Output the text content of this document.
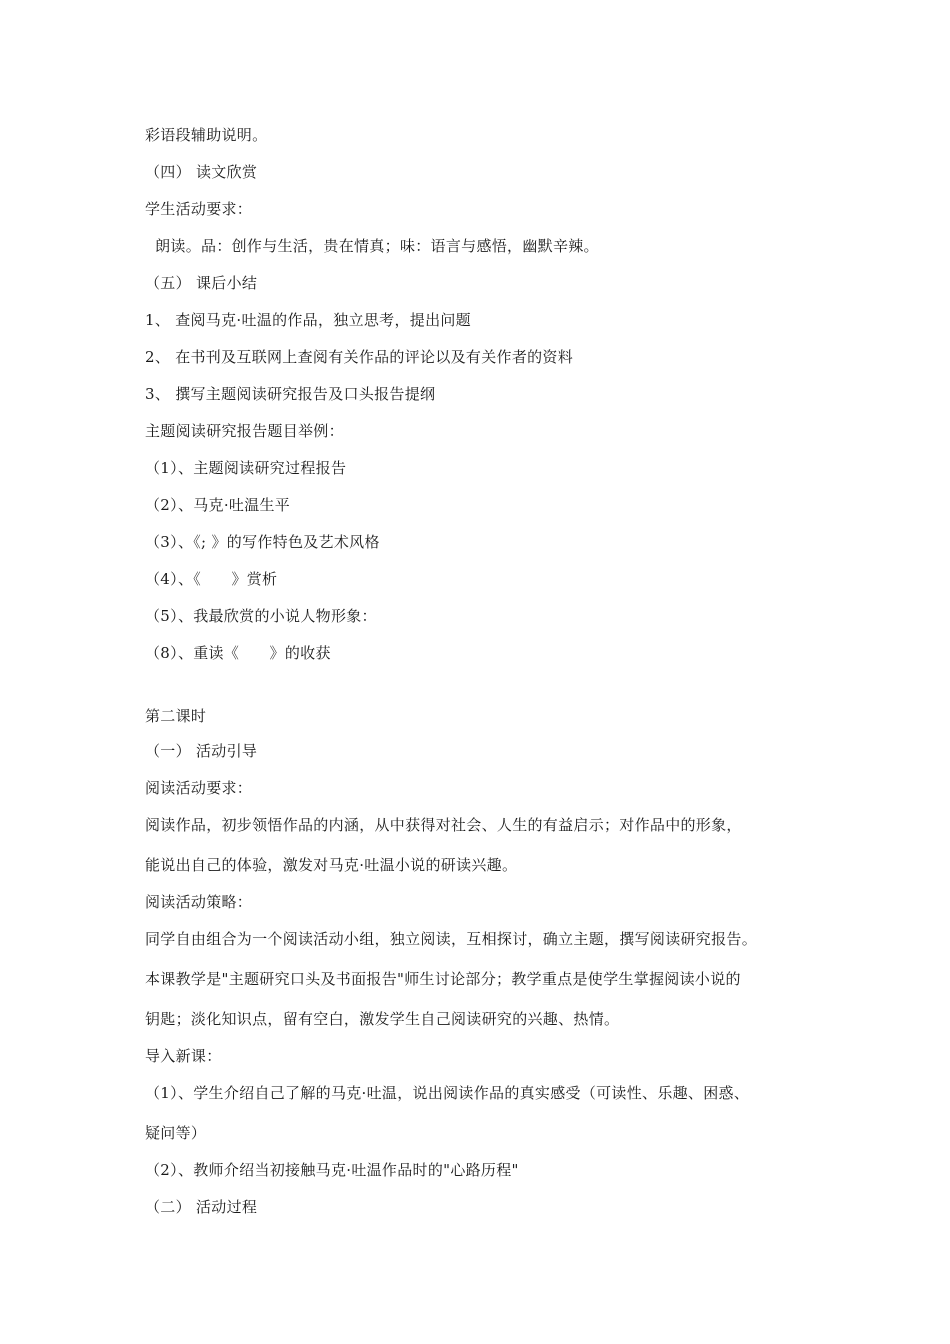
彩语段辅助说明。
（四） 读文欣赏
学生活动要求：
朗读。品：创作与生活，贵在情真；味：语言与感悟，幽默辛辣。
（五） 课后小结
1、 查阅马克·吐温的作品，独立思考，提出问题
2、 在书刊及互联网上查阅有关作品的评论以及有关作者的资料
3、 撰写主题阅读研究报告及口头报告提纲
主题阅读研究报告题目举例：
（1）、主题阅读研究过程报告
（2）、马克·吐温生平
（3）、《; 》的写作特色及艺术风格
（4）、《      》赏析
（5）、我最欣赏的小说人物形象：
（8）、重读《      》的收获
第二课时
（一） 活动引导
阅读活动要求：
阅读作品，初步领悟作品的内涵，从中获得对社会、人生的有益启示；对作品中的形象，
能说出自己的体验，激发对马克·吐温小说的研读兴趣。
阅读活动策略：
同学自由组合为一个阅读活动小组，独立阅读，互相探讨，确立主题，撰写阅读研究报告。
本课教学是"主题研究口头及书面报告"师生讨论部分；教学重点是使学生掌握阅读小说的
钥匙；淡化知识点，留有空白，激发学生自己阅读研究的兴趣、热情。
导入新课：
（1）、学生介绍自己了解的马克·吐温，说出阅读作品的真实感受（可读性、乐趣、困惑、
疑问等）
（2）、教师介绍当初接触马克·吐温作品时的"心路历程"
（二） 活动过程
